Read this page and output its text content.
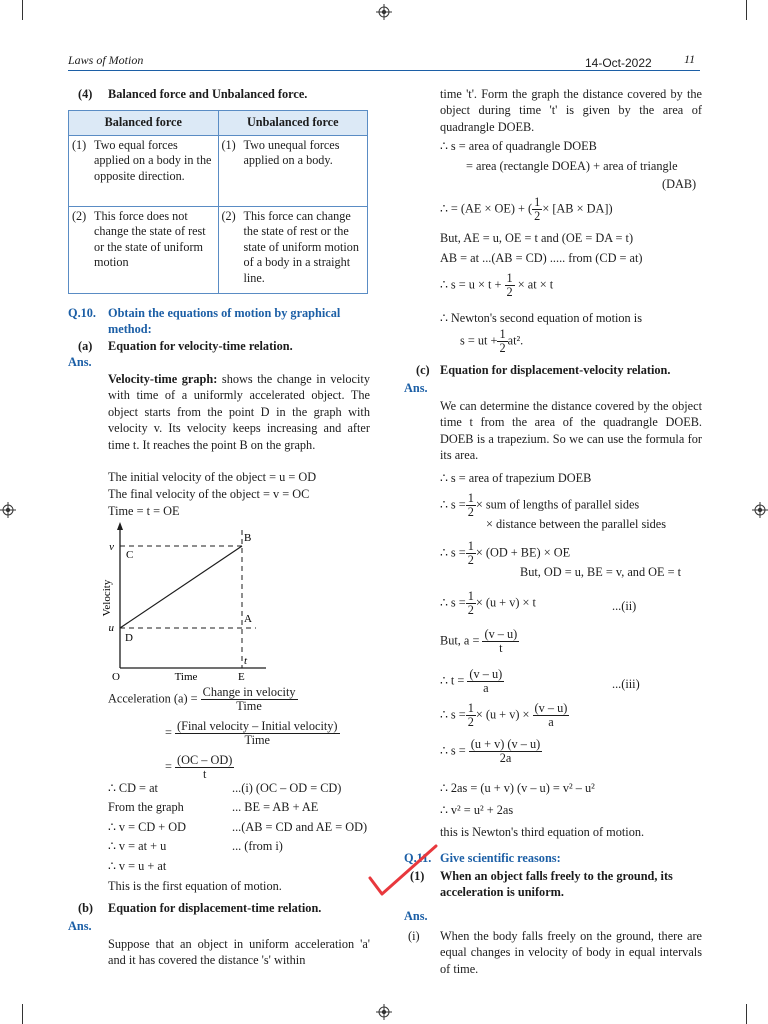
Laws of Motion	14-Oct-2022	11
(4) Balanced force and Unbalanced force.
Balanced force	Unbalanced force

(1) Two equal forces applied on a body in the opposite direction.	(1) Two unequal forces applied on a body.

(2) This force does not change the state of rest or the state of uniform motion	(2) This force can change the state of rest or the state of uniform motion of a body in a straight line.
Q.10. Obtain the equations of motion by graphical method:
(a) Equation for velocity-time relation.
Ans.
Velocity-time graph: shows the change in velocity with time of a uniformly accelerated object. The object starts from the point D in the graph with velocity v. Its velocity keeps increasing and after time t. It reaches the point B on the graph.
The initial velocity of the object = u = OD
The final velocity of the object = v = OC
Time = t = OE
v
u
C
D
B
A
t
O	E
Time
Velocity
Acceleration $(a) = \frac{\text{Change in velocity}}{\text{Time}}$
= $\frac{\text{(Final velocity – Initial velocity)}}{\text{Time}}$
= $\frac{(OC - OD)}{t}$
∴ CD = at	...(i) (OC – OD = CD)
From the graph	... BE = AB + AE
∴ v = CD + OD	...(AB = CD and AE = OD)
∴ v = at + u	... (from i)
∴ v = u + at
This is the first equation of motion.
(b) Equation for displacement-time relation.
Ans.
Suppose that an object in uniform acceleration 'a' and it has covered the distance 's' within
time 't'. Form the graph the distance covered by the object during time 't' is given by the area of quadrangle DOEB.
∴ s = area of quadrangle DOEB
= area (rectangle DOEA) + area of triangle
(DAB)
∴ = (AE × OE) + ( $\frac{1}{2} \times [AB \times DA]$)
But, AE = u, OE = t and (OE = DA = t)
AB = at ...(AB = CD) ..... from (CD = at)
∴ $s = u \times t + \frac{1}{2}$ × at × t
∴ Newton's second equation of motion is
s = ut + $\frac{1}{2} at^2$.
(c) Equation for displacement-velocity relation.
Ans.
We can determine the distance covered by the object time t from the area of the quadrangle DOEB. DOEB is a trapezium. So we can use the formula for its area.
∴ s = area of trapezium DOEB
∴ $s = \frac{1}{2}$ × sum of lengths of parallel sides
× distance between the parallel sides
∴ $s = \frac{1}{2} \times (OD + BE)$ × OE
But, OD = u, BE = v, and OE = t
∴ $s = \frac{1}{2} \times (u + v) \times t$	...(ii)
But, $a = \frac{(v - u)}{t}$
∴ $t = \frac{(v - u)}{a}$	...(iii)
∴ $s = \frac{1}{2} \times (u + v) \times \frac{(v - u)}{a}$
∴ $s = \frac{(u + v) (v - u)}{2a}$
∴ 2as = (u + v) (v – u) = v² – u²
∴ v² = u² + 2as
this is Newton's third equation of motion.
Q.11. Give scientific reasons:
(1) When an object falls freely to the ground, its acceleration is uniform.
Ans.
(i) When the body falls freely on the ground, there are equal changes in velocity of body in equal intervals of time.
